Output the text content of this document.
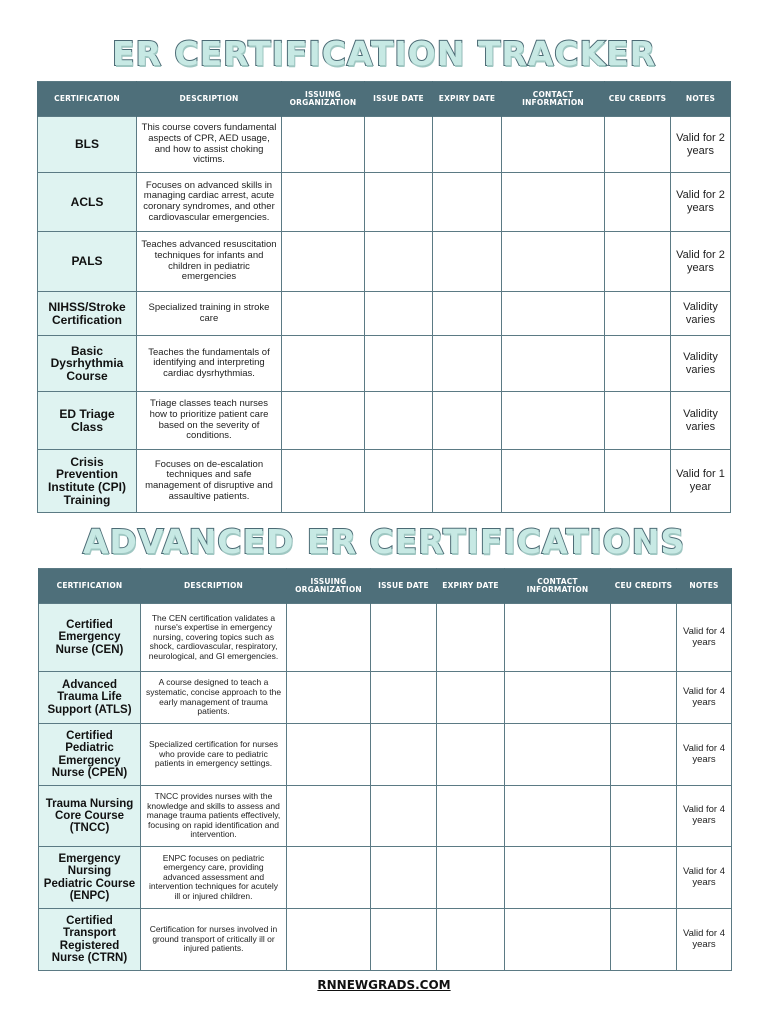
ER CERTIFICATION TRACKER
CERTIFICATION	DESCRIPTION	ISSUING ORGANIZATION	ISSUE DATE	EXPIRY DATE	CONTACT INFORMATION	CEU CREDITS	NOTES
BLS	This course covers fundamental aspects of CPR, AED usage, and how to assist choking victims.						Valid for 2 years
ACLS	Focuses on advanced skills in managing cardiac arrest, acute coronary syndromes, and other cardiovascular emergencies.						Valid for 2 years
PALS	Teaches advanced resuscitation techniques for infants and children in pediatric emergencies						Valid for 2 years
NIHSS/Stroke Certification	Specialized training in stroke care						Validity varies
Basic Dysrhythmia Course	Teaches the fundamentals of identifying and interpreting cardiac dysrhythmias.						Validity varies
ED Triage Class	Triage classes teach nurses how to prioritize patient care based on the severity of conditions.						Validity varies
Crisis Prevention Institute (CPI) Training	Focuses on de-escalation techniques and safe management of disruptive and assaultive patients.						Valid for 1 year
ADVANCED ER CERTIFICATIONS
CERTIFICATION	DESCRIPTION	ISSUING ORGANIZATION	ISSUE DATE	EXPIRY DATE	CONTACT INFORMATION	CEU CREDITS	NOTES
Certified Emergency Nurse (CEN)	The CEN certification validates a nurse's expertise in emergency nursing, covering topics such as shock, cardiovascular, respiratory, neurological, and GI emergencies.						Valid for 4 years
Advanced Trauma Life Support (ATLS)	A course designed to teach a systematic, concise approach to the early management of trauma patients.						Valid for 4 years
Certified Pediatric Emergency Nurse (CPEN)	Specialized certification for nurses who provide care to pediatric patients in emergency settings.						Valid for 4 years
Trauma Nursing Core Course (TNCC)	TNCC provides nurses with the knowledge and skills to assess and manage trauma patients effectively, focusing on rapid identification and intervention.						Valid for 4 years
Emergency Nursing Pediatric Course (ENPC)	ENPC focuses on pediatric emergency care, providing advanced assessment and intervention techniques for acutely ill or injured children.						Valid for 4 years
Certified Transport Registered Nurse (CTRN)	Certification for nurses involved in ground transport of critically ill or injured patients.						Valid for 4 years
RNNEWGRADS.COM
